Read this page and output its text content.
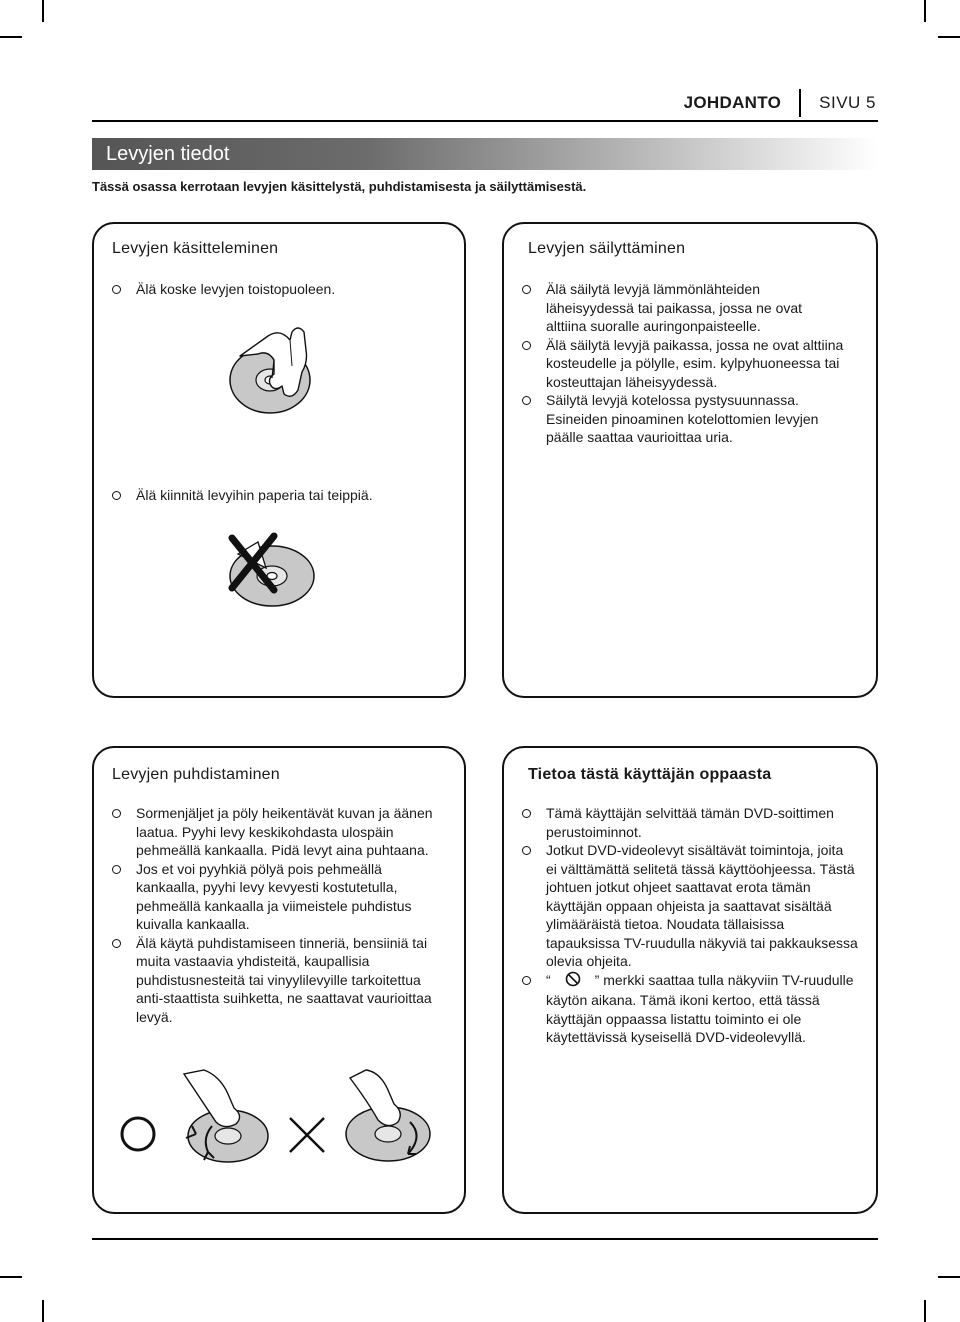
JOHDANTO SIVU 5
Levyjen tiedot
Tässä osassa kerrotaan levyjen käsittelystä, puhdistamisesta ja säilyttämisestä.
Levyjen käsitteleminen
Älä koske levyjen toistopuoleen.
Älä kiinnitä levyihin paperia tai teippiä.
Levyjen säilyttäminen
Älä säilytä levyjä lämmönlähteiden läheisyydessä tai paikassa, jossa ne ovat alttiina suoralle auringonpaisteelle.
Älä säilytä levyjä paikassa, jossa ne ovat alttiina kosteudelle ja pölylle, esim. kylpyhuoneessa tai kosteuttajan läheisyydessä.
Säilytä levyjä kotelossa pystysuunnassa. Esineiden pinoaminen kotelottomien levyjen päälle saattaa vaurioittaa uria.
Levyjen puhdistaminen
Sormenjäljet ja pöly heikentävät kuvan ja äänen laatua. Pyyhi levy keskikohdasta ulospäin pehmeällä kankaalla. Pidä levyt aina puhtaana.
Jos et voi pyyhkiä pölyä pois pehmeällä kankaalla, pyyhi levy kevyesti kostutetulla, pehmeällä kankaalla ja viimeistele puhdistus kuivalla kankaalla.
Älä käytä puhdistamiseen tinneriä, bensiiniä tai muita vastaavia yhdisteitä, kaupallisia puhdistusnesteitä tai vinyylilevyille tarkoitettua anti-staattista suihketta, ne saattavat vaurioittaa levyä.
Tietoa tästä käyttäjän oppaasta
Tämä käyttäjän selvittää tämän DVD-soittimen perustoiminnot.
Jotkut DVD-videolevyt sisältävät toimintoja, joita ei välttämättä selitetä tässä käyttöohjeessa. Tästä johtuen jotkut ohjeet saattavat erota tämän käyttäjän oppaan ohjeista ja saattavat sisältää ylimääräistä tietoa. Noudata tällaisissa tapauksissa TV-ruudulla näkyviä tai pakkauksessa olevia ohjeita.
“	” merkki saattaa tulla näkyviin TV-ruudulle käytön aikana. Tämä ikoni kertoo, että tässä käyttäjän oppaassa listattu toiminto ei ole käytettävissä kyseisellä DVD-videolevyllä.
